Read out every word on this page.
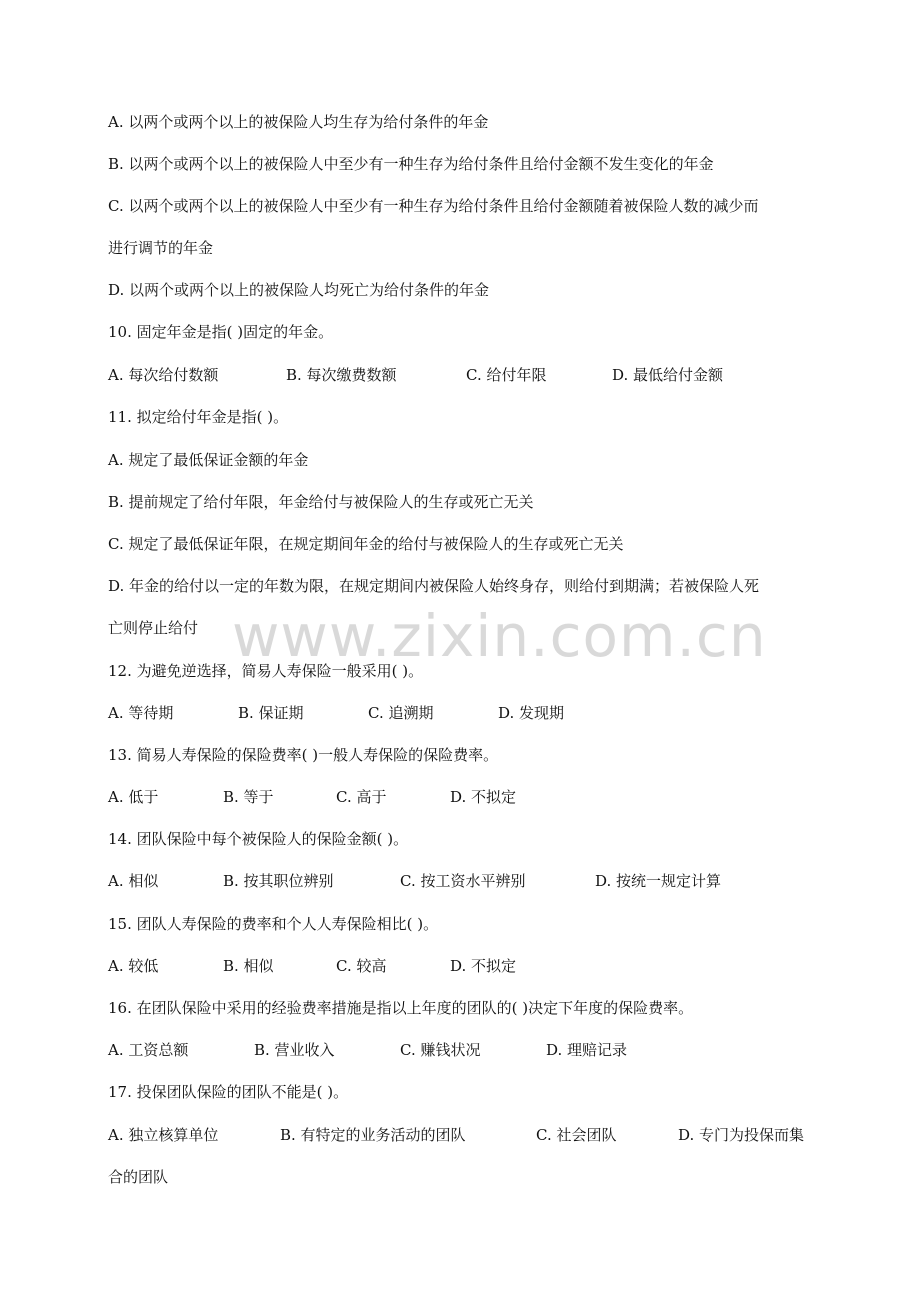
A. 以两个或两个以上的被保险人均生存为给付条件的年金
B. 以两个或两个以上的被保险人中至少有一种生存为给付条件且给付金额不发生变化的年金
C. 以两个或两个以上的被保险人中至少有一种生存为给付条件且给付金额随着被保险人数的减少而
进行调节的年金
D. 以两个或两个以上的被保险人均死亡为给付条件的年金
10. 固定年金是指( )固定的年金。
A. 每次给付数额	B. 每次缴费数额	C. 给付年限	D. 最低给付金额
11. 拟定给付年金是指( )。
A. 规定了最低保证金额的年金
B. 提前规定了给付年限，年金给付与被保险人的生存或死亡无关
C. 规定了最低保证年限，在规定期间年金的给付与被保险人的生存或死亡无关
D. 年金的给付以一定的年数为限，在规定期间内被保险人始终身存，则给付到期满；若被保险人死
亡则停止给付
12. 为避免逆选择，简易人寿保险一般采用( )。
A. 等待期	B. 保证期	C. 追溯期	D. 发现期
13. 简易人寿保险的保险费率( )一般人寿保险的保险费率。
A. 低于	B. 等于	C. 高于	D. 不拟定
14. 团队保险中每个被保险人的保险金额( )。
A. 相似	B. 按其职位辨别	C. 按工资水平辨别	D. 按统一规定计算
15. 团队人寿保险的费率和个人人寿保险相比( )。
A. 较低	B. 相似	C. 较高	D. 不拟定
16. 在团队保险中采用的经验费率措施是指以上年度的团队的( )决定下年度的保险费率。
A. 工资总额	B. 营业收入	C. 赚钱状况	D. 理赔记录
17. 投保团队保险的团队不能是( )。
A. 独立核算单位	B. 有特定的业务活动的团队	C. 社会团队	D. 专门为投保而集
合的团队
www.zixin.com.cn
